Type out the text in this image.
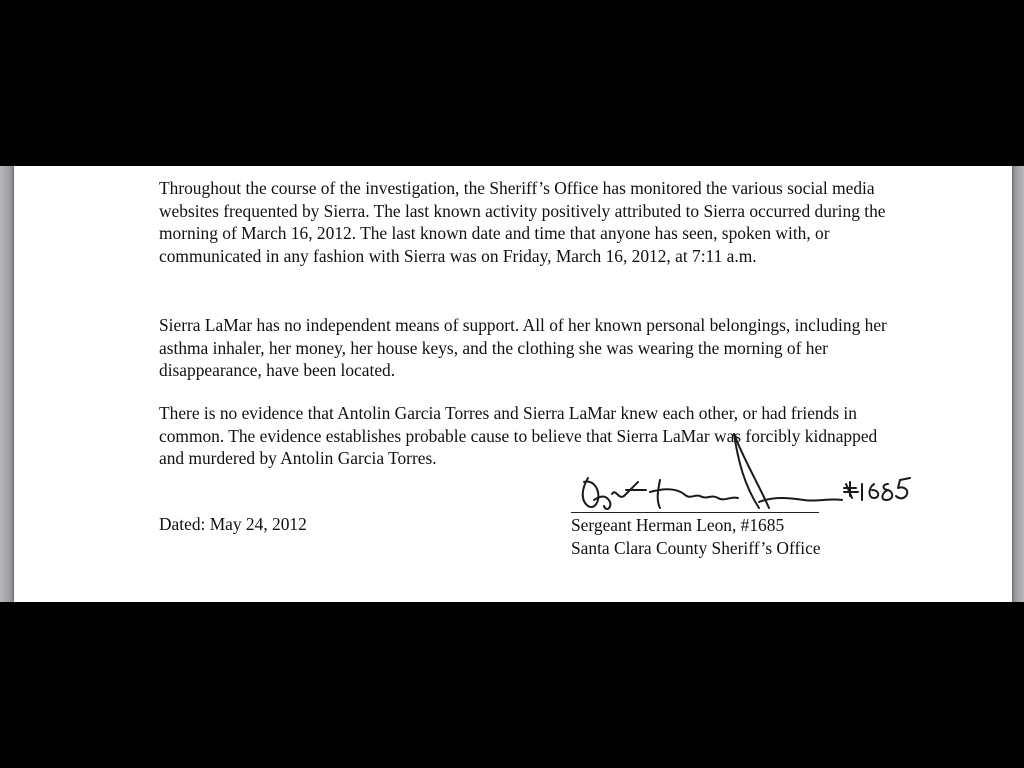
Throughout the course of the investigation, the Sheriff’s Office has monitored the various social media websites frequented by Sierra. The last known activity positively attributed to Sierra occurred during the morning of March 16, 2012. The last known date and time that anyone has seen, spoken with, or communicated in any fashion with Sierra was on Friday, March 16, 2012, at 7:11 a.m.
Sierra LaMar has no independent means of support. All of her known personal belongings, including her asthma inhaler, her money, her house keys, and the clothing she was wearing the morning of her disappearance, have been located.
There is no evidence that Antolin Garcia Torres and Sierra LaMar knew each other, or had friends in common. The evidence establishes probable cause to believe that Sierra LaMar was forcibly kidnapped and murdered by Antolin Garcia Torres.
Dated: May 24, 2012	Sergeant Herman Leon, #1685
Santa Clara County Sheriff’s Office
